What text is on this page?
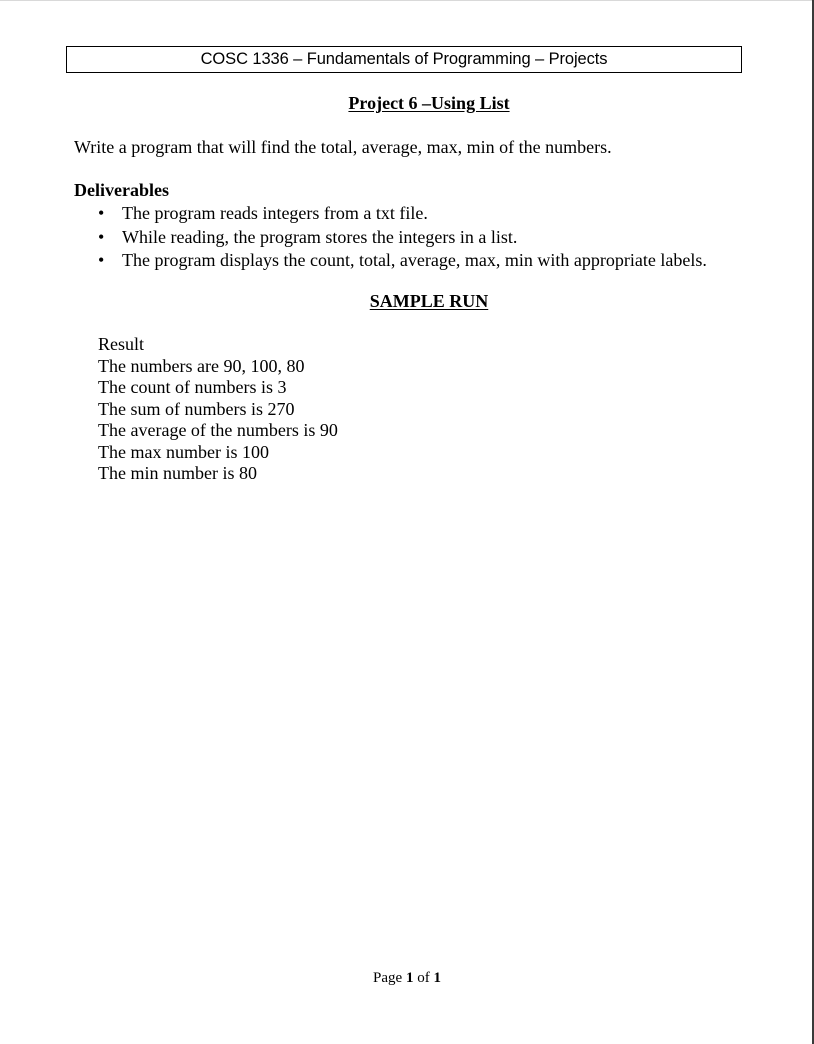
COSC 1336 – Fundamentals of Programming – Projects
Project 6 –Using List
Write a program that will find the total, average, max, min of the numbers.
Deliverables
• The program reads integers from a txt file.
• While reading, the program stores the integers in a list.
• The program displays the count, total, average, max, min with appropriate labels.
SAMPLE RUN
Result
The numbers are 90, 100, 80
The count of numbers is 3
The sum of numbers is 270
The average of the numbers is 90
The max number is 100
The min number is 80
Page 1 of 1
